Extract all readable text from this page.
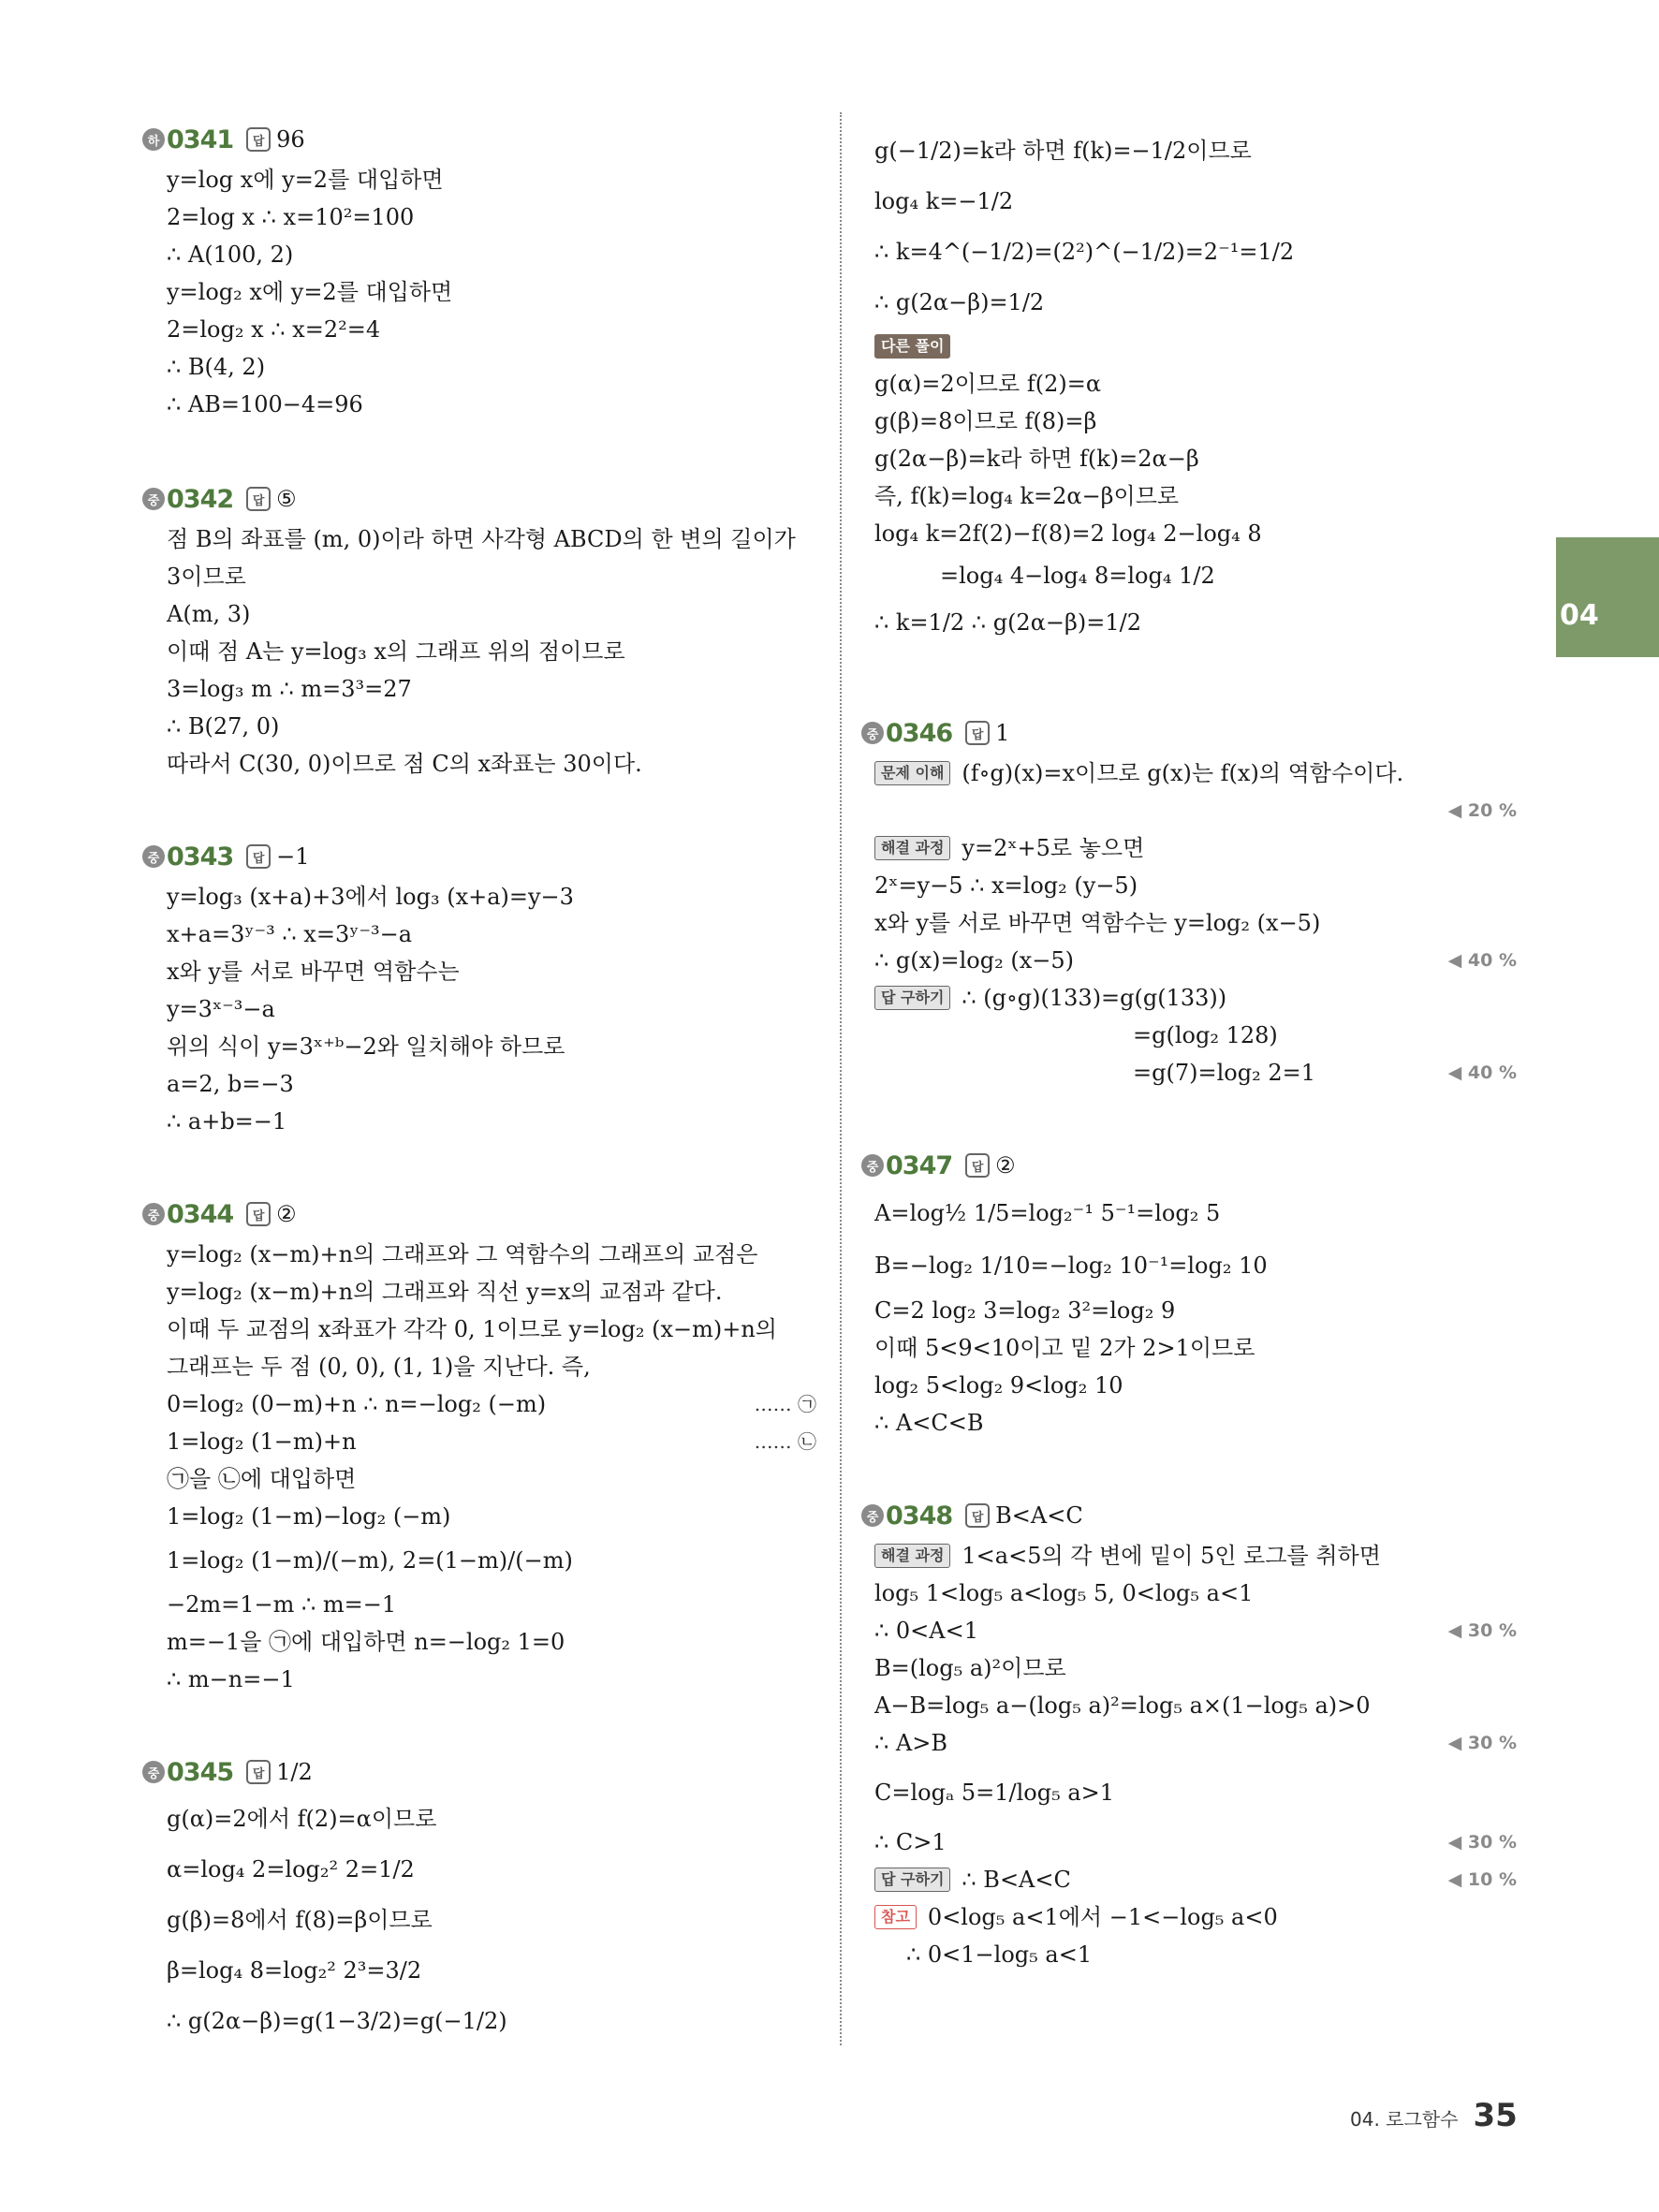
04
하 0341	답 96
y=log x에 y=2를 대입하면
2=log x ∴ x=10²=100
∴ A(100, 2)
y=log₂ x에 y=2를 대입하면
2=log₂ x ∴ x=2²=4
∴ B(4, 2)
∴ AB=100−4=96
중 0342	답 ⑤
점 B의 좌표를 (m, 0)이라 하면 사각형 ABCD의 한 변의 길이가
3이므로
A(m, 3)
이때 점 A는 y=log₃ x의 그래프 위의 점이므로
3=log₃ m ∴ m=3³=27
∴ B(27, 0)
따라서 C(30, 0)이므로 점 C의 x좌표는 30이다.
중 0343	답 −1
y=log₃ (x+a)+3에서 log₃ (x+a)=y−3
x+a=3ʸ⁻³ ∴ x=3ʸ⁻³−a
x와 y를 서로 바꾸면 역함수는
y=3ˣ⁻³−a
위의 식이 y=3ˣ⁺ᵇ−2와 일치해야 하므로
a=2, b=−3
∴ a+b=−1
중 0344	답 ②
y=log₂ (x−m)+n의 그래프와 그 역함수의 그래프의 교점은
y=log₂ (x−m)+n의 그래프와 직선 y=x의 교점과 같다.
이때 두 교점의 x좌표가 각각 0, 1이므로 y=log₂ (x−m)+n의
그래프는 두 점 (0, 0), (1, 1)을 지난다. 즉,
0=log₂ (0−m)+n ∴ n=−log₂ (−m)	…… ㉠
1=log₂ (1−m)+n	…… ㉡
㉠을 ㉡에 대입하면
1=log₂ (1−m)−log₂ (−m)
1=log₂ (1−m)/(−m), 2=(1−m)/(−m)
−2m=1−m ∴ m=−1
m=−1을 ㉠에 대입하면 n=−log₂ 1=0
∴ m−n=−1
중 0345	답 1/2
g(α)=2에서 f(2)=α이므로
α=log₄ 2=log₂² 2=1/2
g(β)=8에서 f(8)=β이므로
β=log₄ 8=log₂² 2³=3/2
∴ g(2α−β)=g(1−3/2)=g(−1/2)
g(−1/2)=k라 하면 f(k)=−1/2이므로
log₄ k=−1/2
∴ k=4^(−1/2)=(2²)^(−1/2)=2⁻¹=1/2
∴ g(2α−β)=1/2
다른 풀이
g(α)=2이므로 f(2)=α
g(β)=8이므로 f(8)=β
g(2α−β)=k라 하면 f(k)=2α−β
즉, f(k)=log₄ k=2α−β이므로
log₄ k=2f(2)−f(8)=2 log₄ 2−log₄ 8
=log₄ 4−log₄ 8=log₄ 1/2
∴ k=1/2 ∴ g(2α−β)=1/2
중 0346	답 1
문제 이해 (f∘g)(x)=x이므로 g(x)는 f(x)의 역함수이다.
◀ 20 %
해결 과정 y=2ˣ+5로 놓으면
2ˣ=y−5 ∴ x=log₂ (y−5)
x와 y를 서로 바꾸면 역함수는 y=log₂ (x−5)
∴ g(x)=log₂ (x−5)	◀ 40 %
답 구하기 ∴ (g∘g)(133)=g(g(133))
=g(log₂ 128)
=g(7)=log₂ 2=1	◀ 40 %
중 0347	답 ②
A=log½ 1/5=log₂⁻¹ 5⁻¹=log₂ 5
B=−log₂ 1/10=−log₂ 10⁻¹=log₂ 10
C=2 log₂ 3=log₂ 3²=log₂ 9
이때 5<9<10이고 밑 2가 2>1이므로
log₂ 5<log₂ 9<log₂ 10
∴ A<C<B
중 0348	답 B<A<C
해결 과정 1<a<5의 각 변에 밑이 5인 로그를 취하면
log₅ 1<log₅ a<log₅ 5, 0<log₅ a<1
∴ 0<A<1	◀ 30 %
B=(log₅ a)²이므로
A−B=log₅ a−(log₅ a)²=log₅ a×(1−log₅ a)>0
∴ A>B	◀ 30 %
C=logₐ 5=1/log₅ a>1
∴ C>1	◀ 30 %
답 구하기 ∴ B<A<C	◀ 10 %
참고 0<log₅ a<1에서 −1<−log₅ a<0
∴ 0<1−log₅ a<1
04. 로그함수 35
